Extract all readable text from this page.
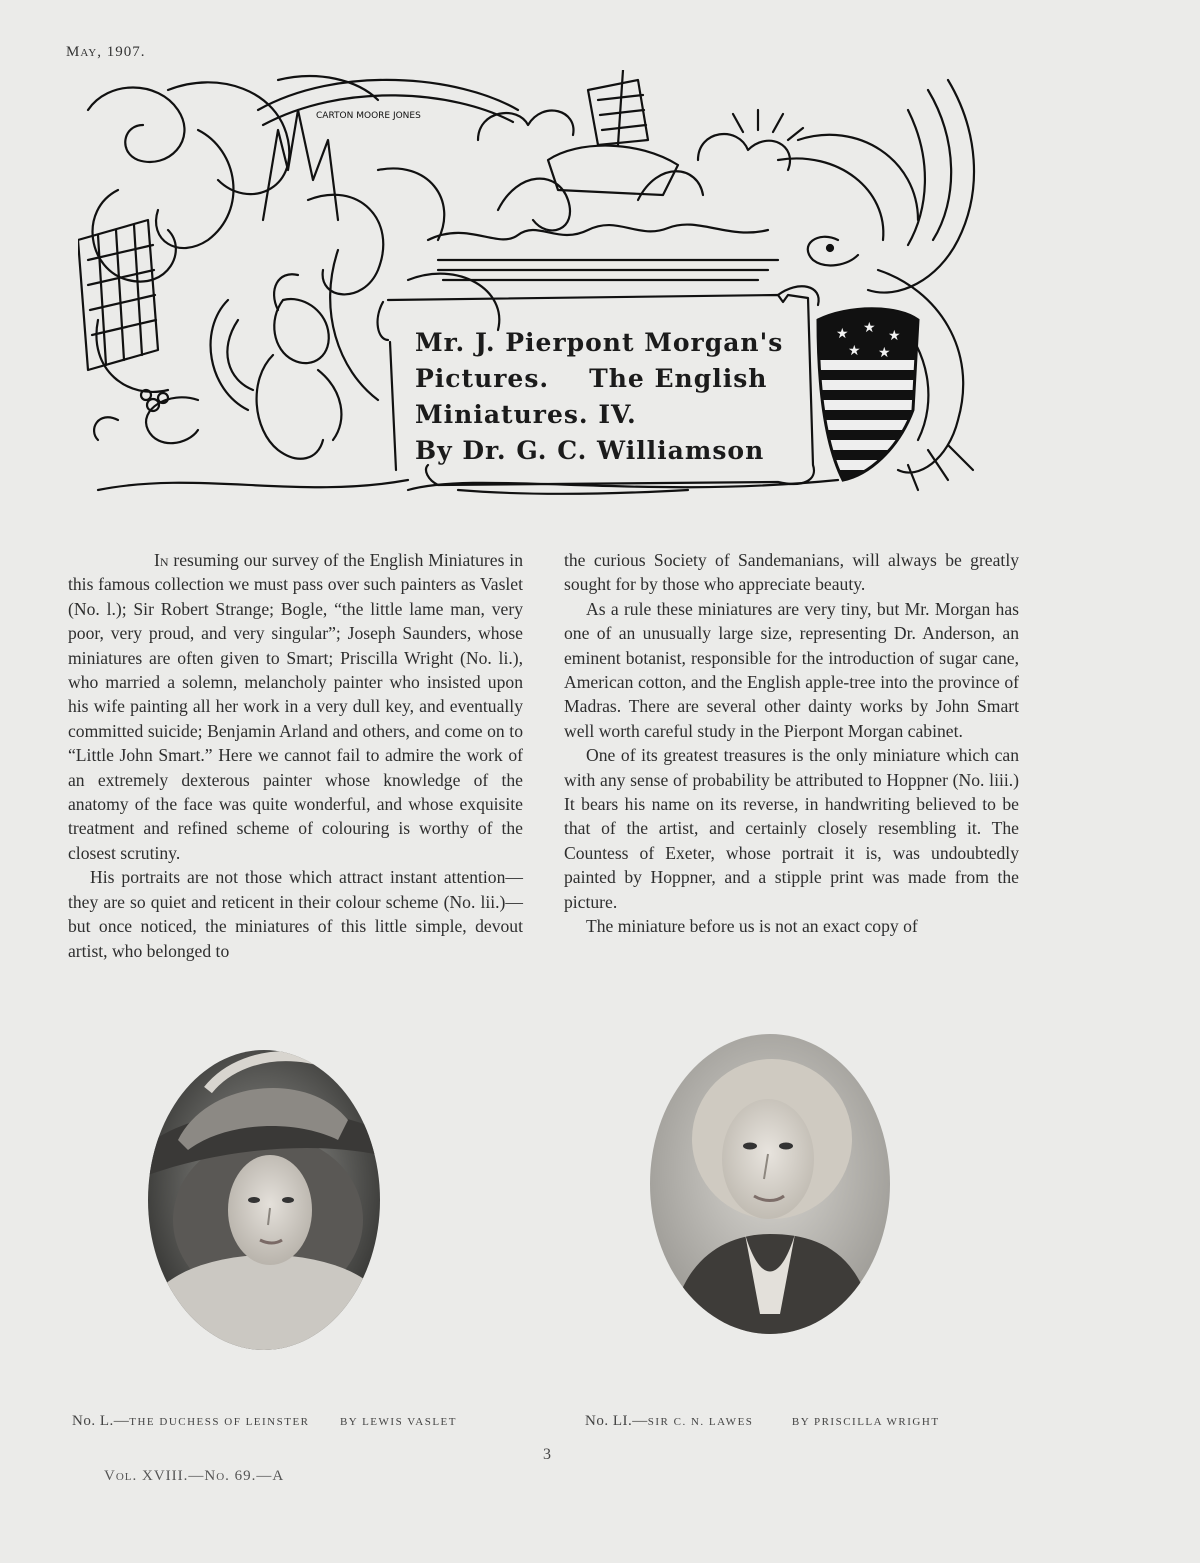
May, 1907.
★ ★ ★
★ ★
CARTON MOORE JONES
Mr. J. Pierpont Morgan's
Pictures. The English
Miniatures. IV.
By Dr. G. C. Williamson

In resuming our survey of the English Miniatures in this famous collection we must pass over such painters as Vaslet (No. l.); Sir Robert Strange; Bogle, “the little lame man, very poor, very proud, and very singular”; Joseph Saunders, whose miniatures are often given to Smart; Priscilla Wright (No. li.), who married a solemn, melancholy painter who insisted upon his wife painting all her work in a very dull key, and eventually committed suicide; Benjamin Arland and others, and come on to “Little John Smart.” Here we cannot fail to admire the work of an extremely dexterous painter whose knowledge of the anatomy of the face was quite wonderful, and whose exquisite treatment and refined scheme of colouring is worthy of the closest scrutiny.

His portraits are not those which attract instant attention—they are so quiet and reticent in their colour scheme (No. lii.)—but once noticed, the miniatures of this little simple, devout artist, who belonged to

the curious Society of Sandemanians, will always be greatly sought for by those who appreciate beauty.

As a rule these miniatures are very tiny, but Mr. Morgan has one of an unusually large size, representing Dr. Anderson, an eminent botanist, responsible for the introduction of sugar cane, American cotton, and the English apple-tree into the province of Madras. There are several other dainty works by John Smart well worth careful study in the Pierpont Morgan cabinet.

One of its greatest treasures is the only miniature which can with any sense of probability be attributed to Hoppner (No. liii.) It bears his name on its reverse, in handwriting believed to be that of the artist, and certainly closely resembling it. The Countess of Exeter, whose portrait it is, was undoubtedly painted by Hoppner, and a stipple print was made from the picture.

The miniature before us is not an exact copy of

No. L.—THE DUCHESS OF LEINSTER	BY LEWIS VASLET	No. LI.—SIR C. N. LAWES	BY PRISCILLA WRIGHT
3
Vol. XVIII.—No. 69.—A
